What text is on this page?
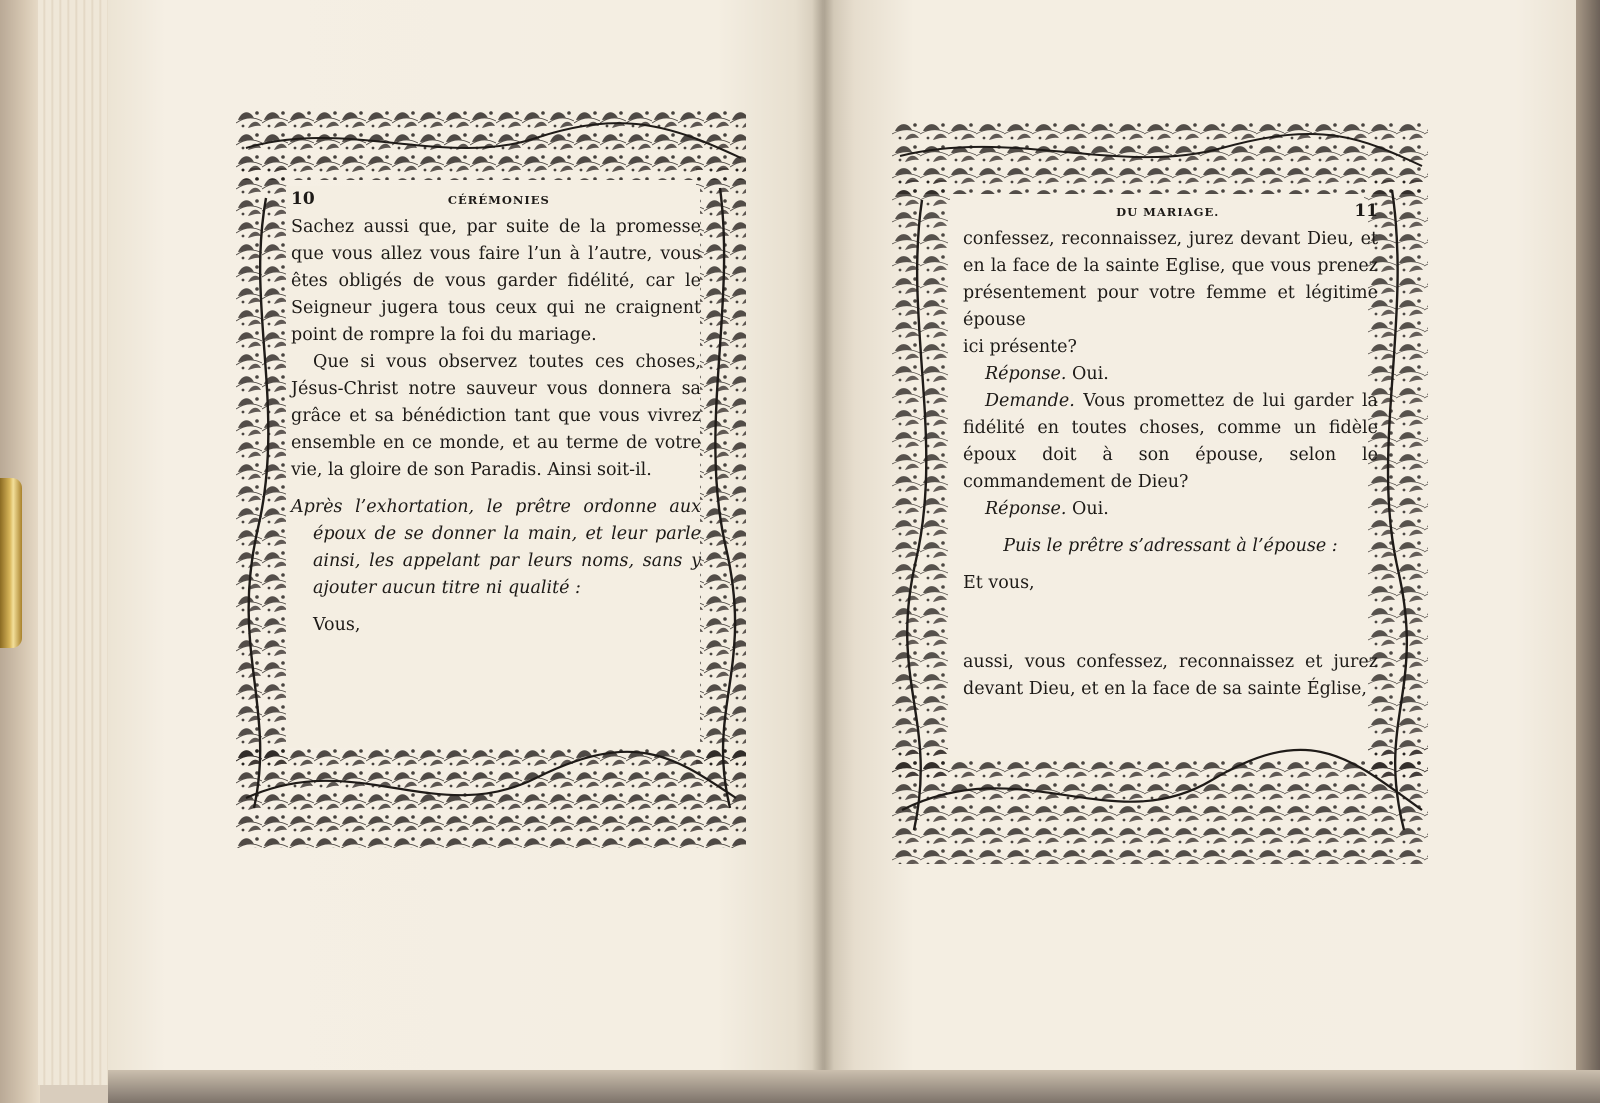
10	CÉRÉMONIES

Sachez aussi que, par suite de la promesse que vous allez vous faire l’un à l’autre, vous êtes obligés de vous garder fidélité, car le Seigneur jugera tous ceux qui ne craignent point de rompre la foi du mariage.

Que si vous observez toutes ces choses, Jésus-Christ notre sauveur vous donnera sa grâce et sa bénédiction tant que vous vivrez ensemble en ce monde, et au terme de votre vie, la gloire de son Paradis. Ainsi soit-il.

Après l’exhortation, le prêtre ordonne aux époux de se donner la main, et leur parle ainsi, les appelant par leurs noms, sans y ajouter aucun titre ni qualité :

Vous,

DU MARIAGE.	11

confessez, reconnaissez, jurez devant Dieu, et en la face de la sainte Eglise, que vous prenez présentement pour votre femme et légitime épouse

ici présente?

Réponse. Oui.

Demande. Vous promettez de lui garder la fidélité en toutes choses, comme un fidèle époux doit à son épouse, selon le commandement de Dieu?

Réponse. Oui.

Puis le prêtre s’adressant à l’épouse :

Et vous,

aussi, vous confessez, reconnaissez et jurez devant Dieu, et en la face de sa sainte Église,
